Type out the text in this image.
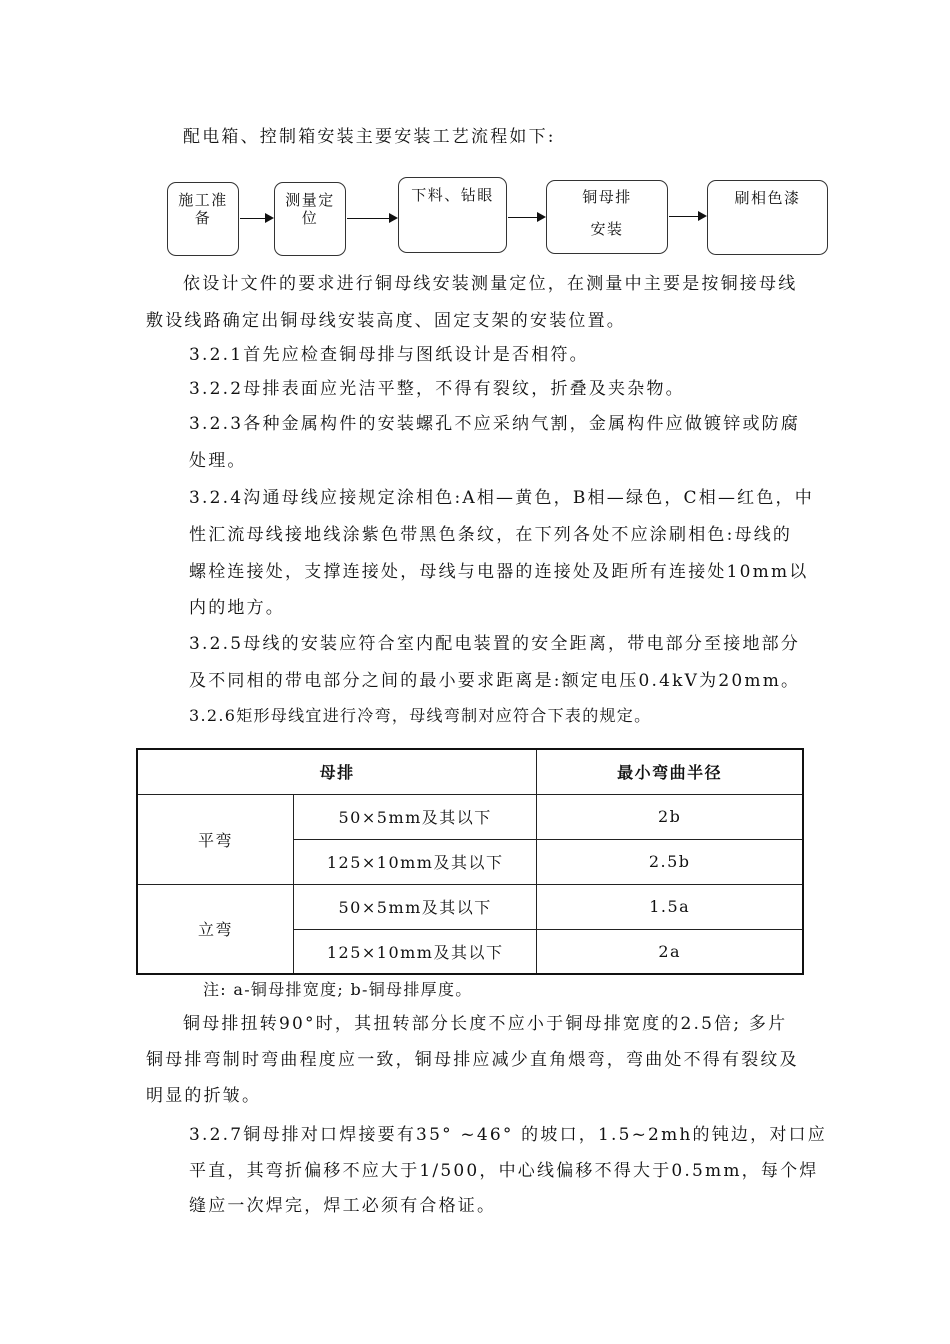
配电箱、控制箱安装主要安装工艺流程如下:
施工准
备
测量定
位
下料、钻眼	铜母排
安装
刷相色漆
依设计文件的要求进行铜母线安装测量定位，在测量中主要是按铜接母线
敷设线路确定出铜母线安装高度、固定支架的安装位置。
3.2.1首先应检查铜母排与图纸设计是否相符。
3.2.2母排表面应光洁平整，不得有裂纹，折叠及夹杂物。
3.2.3各种金属构件的安装螺孔不应采纳气割，金属构件应做镀锌或防腐
处理。
3.2.4沟通母线应接规定涂相色:A相—黄色，B相—绿色，C相—红色，中
性汇流母线接地线涂紫色带黑色条纹，在下列各处不应涂刷相色:母线的
螺栓连接处，支撑连接处，母线与电器的连接处及距所有连接处10mm以
内的地方。
3.2.5母线的安装应符合室内配电装置的安全距离，带电部分至接地部分
及不同相的带电部分之间的最小要求距离是:额定电压0.4kV为20mm。
3.2.6矩形母线宜进行冷弯，母线弯制对应符合下表的规定。
母排		最小弯曲半径
平弯	50×5mm及其以下	2b
	125×10mm及其以下	2.5b
立弯	50×5mm及其以下	1.5a
	125×10mm及其以下	2a
注: a-铜母排宽度; b-铜母排厚度。
铜母排扭转90°时，其扭转部分长度不应小于铜母排宽度的2.5倍; 多片
铜母排弯制时弯曲程度应一致，铜母排应减少直角煨弯，弯曲处不得有裂纹及
明显的折皱。
3.2.7铜母排对口焊接要有35° ~46° 的坡口，1.5~2mh的钝边，对口应
平直，其弯折偏移不应大于1/500，中心线偏移不得大于0.5mm，每个焊
缝应一次焊完，焊工必须有合格证。
